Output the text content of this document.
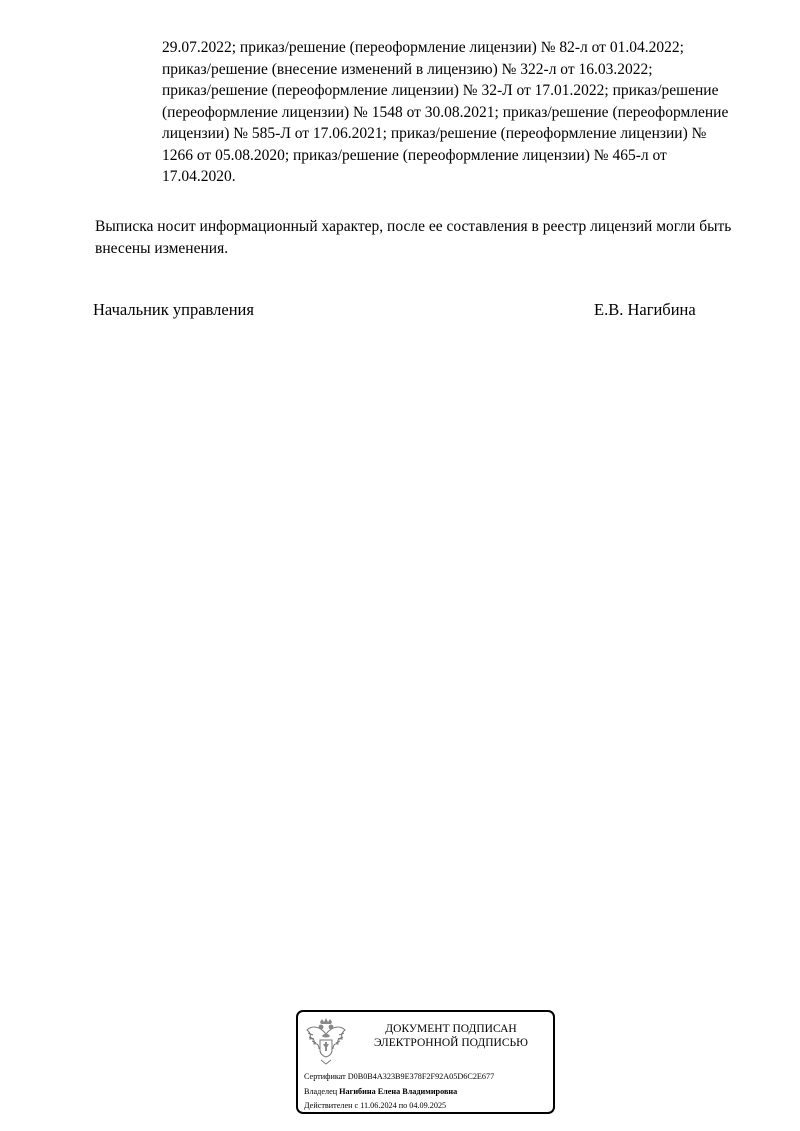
29.07.2022; приказ/решение (переоформление лицензии) № 82-л от 01.04.2022;
приказ/решение (внесение изменений в лицензию) № 322-л от 16.03.2022;
приказ/решение (переоформление лицензии) № 32-Л от 17.01.2022; приказ/решение
(переоформление лицензии) № 1548 от 30.08.2021; приказ/решение (переоформление
лицензии) № 585-Л от 17.06.2021; приказ/решение (переоформление лицензии) №
1266 от 05.08.2020; приказ/решение (переоформление лицензии) № 465-л от
17.04.2020.

Выписка носит информационный характер, после ее составления в реестр лицензий могли быть
внесены изменения.

Начальник управления	Е.В. Нагибина

ДОКУМЕНТ ПОДПИСАН
ЭЛЕКТРОННОЙ ПОДПИСЬЮ

Сертификат D0B0B4A323B9E378F2F92A05D6C2E677
Владелец Нагибина Елена Владимировна
Действителен с 11.06.2024 по 04.09.2025
